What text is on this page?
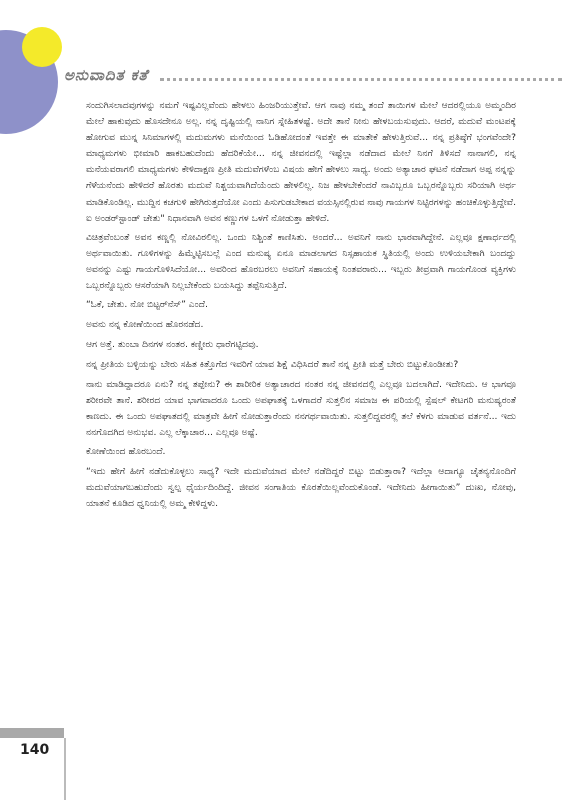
ಅನುವಾದಿತ ಕತೆ

ಸಂದುಗಿಸಲಾದವುಗಳನ್ನು ನಮಗೆ ಇಷ್ಟವಿಲ್ಲವೆಂದು ಹೇಳಲು ಹಿಂಜರಿಯುತ್ತೇವೆ. ಆಗ ನಾವು ನಮ್ಮ ತಂದೆ ತಾಯಿಗಳ ಮೇಲೆ ಆದರಲ್ಲಿಯೂ ಅಮ್ಮಂದಿರ ಮೇಲೆ ಹಾಕುವುದು ಹೊಸದೇನೂ ಅಲ್ಲ. ನನ್ನ ದೃಷ್ಟಿಯಲ್ಲಿ ನಾನಿಗ ಸ್ನೇಹಿತಳಷ್ಟೆ. ಅದೇ ತಾನೆ ನೀನು ಹೇಳಬಯಸುವುದು. ಆದರೆ, ಮದುವೆ ಮಂಟಪಕ್ಕೆ ಹೋಗುವ ಮುನ್ನ ಸಿನಿಮಾಗಳಲ್ಲಿ ಮದುಮಗಳು ಮನೆಯಿಂದ ಓಡಿಹೋದಂತೆ ಇವತ್ತೇ ಈ ಮಾತೇಕೆ ಹೇಳುತ್ತಿರುವೆ... ನನ್ನ ಪ್ರತಿಷ್ಠೆಗೆ ಭಂಗವೆಂದೇ? ಮಾಧ್ಯಮಗಳು ಭೀಮಾರಿ ಹಾಕಬಹುದೆಂದು ಹೆದರಿಕೆಯೇ... ನನ್ನ ಜೀವನದಲ್ಲಿ ಇಷ್ಟೆಲ್ಲಾ ನಡೆದಾದ ಮೇಲೆ ನಿನಗೆ ತಿಳಿಸದೆ ನಾನಾಗಲಿ, ನನ್ನ ಮನೆಯವರಾಗಲಿ ಮಾಧ್ಯಮಗಳು ಕೇಳಿದಾಕ್ಷಣ ಪ್ರೀತಿ ಮದುವೆಗಳೆಂಬ ವಿಷಯ ಹೇಗೆ ಹೇಳಲು ಸಾಧ್ಯ. ಅಂದು ಅತ್ಯಾಚಾರ ಘಟನೆ ನಡೆದಾಗ ಅಪ್ಪ ನನ್ನನ್ನು ಗೆಳೆಯನೆಂದು ಹೇಳಿದರೆ ಹೊರತು ಮದುವೆ ನಿಶ್ಚಯವಾಗಿದೆಯೆಂದು ಹೇಳಲಿಲ್ಲ. ನಿಜ ಹೇಳಬೇಕೆಂದರೆ ನಾವಿಬ್ಬರೂ ಒಬ್ಬರನ್ನೊಬ್ಬರು ಸರಿಯಾಗಿ ಅರ್ಥ ಮಾಡಿಕೊಂಡಿಲ್ಲ. ಮುದ್ದಿನ ಕಚಗುಳಿ ಹೇಗಿರುತ್ತದೆಯೋ ಎಂದು ಪಿಸುಗುಡಬೇಕಾದ ವಯಸ್ಸಿನಲ್ಲಿರುವ ನಾವು ಗಾಯಗಳ ನಿಟ್ಟಿರಗಳನ್ನು ಹಂಚಿಕೊಳ್ಳುತ್ತಿದ್ದೇವೆ. ಐ ಅಂಡರ್‌ಸ್ಟಾಂಡ್ ಚೇತು" ನಿಧಾನವಾಗಿ ಅವನ ಕಣ್ಣುಗಳ ಒಳಗೆ ನೋಡುತ್ತಾ ಹೇಳಿದೆ.

ವಿಚಿತ್ರವೆಂಬಂತೆ ಅವನ ಕಣ್ಣಲ್ಲಿ ನೋವಿರಲಿಲ್ಲ. ಒಂದು ನಿಶ್ಚಿಂತೆ ಕಾಣಿಸಿತು. ಅಂದರೆ... ಅವನಿಗೆ ನಾನು ಭಾರವಾಗಿದ್ದೇನೆ. ಎಲ್ಲವೂ ಕ್ಷಣಾರ್ಧದಲ್ಲಿ ಅರ್ಥವಾಯಿತು. ಗೂಳಿಗಳನ್ನು ಹಿಮ್ಮೆಟ್ಟಿಸಬಲ್ಲೆ ಎಂದ ಮನುಷ್ಯ ಏನೂ ಮಾಡಲಾಗದ ನಿಸ್ಸಹಾಯಕ ಸ್ಥಿತಿಯಲ್ಲಿ ಅಂದು ಉಳಿಯಬೇಕಾಗಿ ಬಂದದ್ದು ಅವನನ್ನು ಎಷ್ಟು ಗಾಯಗೊಳಿಸಿದೆಯೋ... ಅವರಿಂದ ಹೊರಬರಲು ಅವನಿಗೆ ಸಹಾಯಕ್ಕೆ ನಿಂತವರಾರು... ಇಬ್ಬರು ತೀವ್ರವಾಗಿ ಗಾಯಗೊಂಡ ವ್ಯಕ್ತಿಗಳು ಒಬ್ಬರನ್ನೊಬ್ಬರು ಆಸರೆಯಾಗಿ ನಿಲ್ಲಬೇಕೆಂದು ಬಯಸಿದ್ದು ತಪ್ಪೆನಿಸುತ್ತಿದೆ.

“ಓಕೆ, ಚೇತು. ನೋ ಬಿಟ್ಟರ್‌ನೆಸ್” ಎಂದೆ.

ಅವನು ನನ್ನ ಕೋಣೆಯಿಂದ ಹೊರನಡೆದ.

ಆಗ ಅತ್ತೆ. ತುಂಬಾ ದಿನಗಳ ನಂತರ. ಕಣ್ಣೀರು ಧಾರೆಗಟ್ಟಿದವು.

ನನ್ನ ಪ್ರೀತಿಯ ಬಳ್ಳಿಯನ್ನು ಬೇರು ಸಹಿತ ಕಿತ್ತೊಗೆದ ಇವರಿಗೆ ಯಾವ ಶಿಕ್ಷೆ ವಿಧಿಸಿದರೆ ತಾನೆ ನನ್ನ ಪ್ರೀತಿ ಮತ್ತೆ ಬೇರು ಬಿಟ್ಟುಕೊಂಡೀತು?

ನಾನು ಮಾಡಿದ್ದಾದರೂ ಏನು? ನನ್ನ ತಪ್ಪೇನು? ಈ ಶಾರೀರಿಕ ಅತ್ಯಾಚಾರದ ನಂತರ ನನ್ನ ಜೀವನದಲ್ಲಿ ಎಲ್ಲವೂ ಬದಲಾಗಿದೆ. ಇದೇನಿದು. ಆ ಭಾಗವೂ ಶರೀರವೇ ತಾನೆ. ಶರೀರದ ಯಾವ ಭಾಗವಾದರೂ ಒಂದು ಅಪಘಾತಕ್ಕೆ ಒಳಗಾದರೆ ಸುತ್ತಲಿನ ಸಮಾಜ ಈ ಪರಿಯಲ್ಲಿ ಸ್ಪೆಷಲ್ ಕೇಟಗರಿ ಮನುಷ್ಯರಂತೆ ಕಾಣದು. ಈ ಒಂದು ಅಪಘಾತದಲ್ಲಿ ಮಾತ್ರವೇ ಹೀಗೆ ನೋಡುತ್ತಾರೆಂದು ನನಗರ್ಥವಾಯಿತು. ಸುತ್ತಲಿದ್ದವರಲ್ಲಿ ತಲೆ ಕೆಳಗು ಮಾಡುವ ವರ್ತನೆ... ಇದು ನನಗೊದಗಿದ ಅನುಭವ. ಎಲ್ಲ ಲೆಕ್ಕಾಚಾರ... ಎಲ್ಲವೂ ಅಷ್ಟೆ.

ಕೋಣೆಯಿಂದ ಹೊರಬಂದೆ.

“ಇದು ಹೇಗೆ ಹೀಗೆ ನಡೆದುಕೊಳ್ಳಲು ಸಾಧ್ಯ? ಇದೇ ಮದುವೆಯಾದ ಮೇಲೆ ನಡೆದಿದ್ದರೆ ಬಿಟ್ಟು ಬಿಡುತ್ತಾರಾ? ಇದೆಲ್ಲಾ ಆದಾಗ್ಯೂ ಚೈತನ್ಯನೊಂದಿಗೆ ಮದುವೆಯಾಗಬಹುದೆಂದು ಸ್ವಲ್ಪ ಧೈರ್ಯದಿಂದಿದ್ದೆ. ಜೀವನ ಸಂಗಾತಿಯ ಕೊರತೆಯಿಲ್ಲವೆಂದುಕೊಂಡೆ. ಇದೇನಿದು ಹೀಗಾಯಿತು” ದುಃಖ, ನೋವು, ಯಾತನೆ ಕೂಡಿದ ಧ್ವನಿಯಲ್ಲಿ ಅಮ್ಮ ಕೇಳಿದ್ದಳು.

140
